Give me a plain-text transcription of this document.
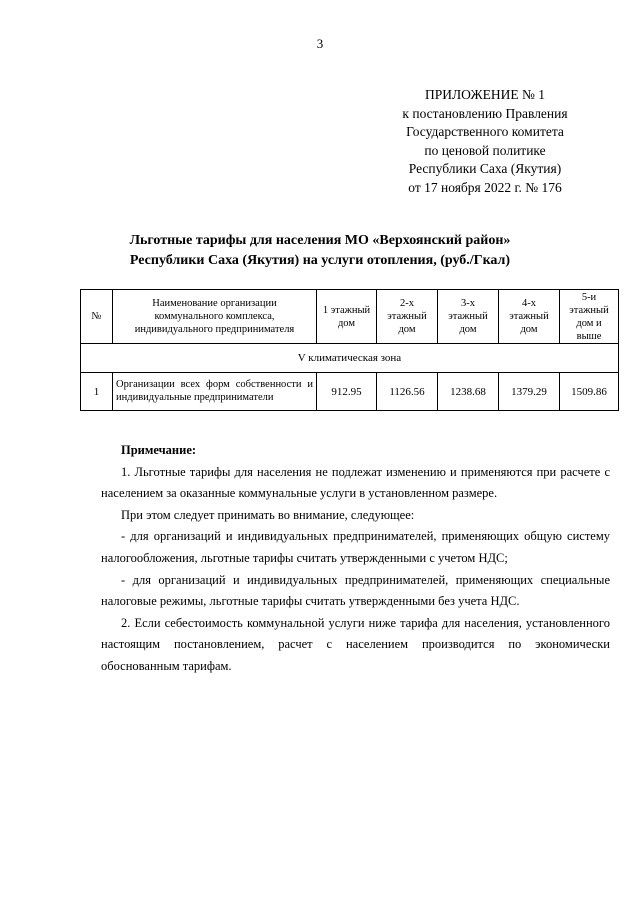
3
ПРИЛОЖЕНИЕ № 1
к постановлению Правления
Государственного комитета
по ценовой политике
Республики Саха (Якутия)
от 17 ноября 2022 г. № 176
Льготные тарифы для населения МО «Верхоянский район»
Республики Саха (Якутия) на услуги отопления, (руб./Гкал)
№	Наименование организации коммунального комплекса, индивидуального предпринимателя	1 этажный дом	2-х этажный дом	3-х этажный дом	4-х этажный дом	5-и этажный дом и выше
V климатическая зона						
1	Организации всех форм собственности и индивидуальные предприниматели	912.95	1126.56	1238.68	1379.29	1509.86

Примечание:

1. Льготные тарифы для населения не подлежат изменению и применяются при расчете с населением за оказанные коммунальные услуги в установленном размере.

При этом следует принимать во внимание, следующее:

- для организаций и индивидуальных предпринимателей, применяющих общую систему налогообложения, льготные тарифы считать утвержденными с учетом НДС;

- для организаций и индивидуальных предпринимателей, применяющих специальные налоговые режимы, льготные тарифы считать утвержденными без учета НДС.

2. Если себестоимость коммунальной услуги ниже тарифа для населения, установленного настоящим постановлением, расчет с населением производится по экономически обоснованным тарифам.
